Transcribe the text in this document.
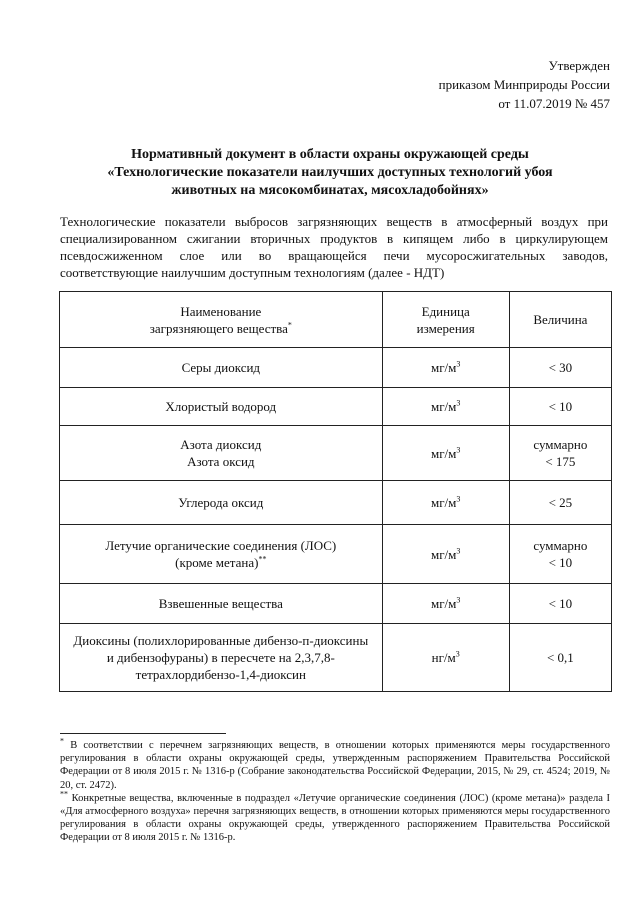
Утвержден
приказом Минприроды России
от 11.07.2019 № 457
Нормативный документ в области охраны окружающей среды
«Технологические показатели наилучших доступных технологий убоя
животных на мясокомбинатах, мясохладобойнях»
Технологические показатели выбросов загрязняющих веществ в атмосферный воздух при специализированном сжигании вторичных продуктов в кипящем либо в циркулирующем псевдосжиженном слое или во вращающейся печи мусоросжигательных заводов, соответствующие наилучшим доступным технологиям (далее - НДТ)
Наименование
загрязняющего вещества*	Единица
измерения	Величина
Серы диоксид	$мг/м^3$	< 30
Хлористый водород	$мг/м^3$	< 10
Азота диоксид
Азота оксид	$мг/м^3$	суммарно
< 175
Углерода оксид	$мг/м^3$	< 25
Летучие органические соединения (ЛОС)
(кроме метана)**	$мг/м^3$	суммарно
< 10
Взвешенные вещества	$мг/м^3$	< 10
Диоксины (полихлорированные дибензо-п-диоксины
и дибензофураны) в пересчете на 2,3,7,8-
тетрахлордибензо-1,4-диоксин	$нг/м^3$	< 0,1

* В соответствии с перечнем загрязняющих веществ, в отношении которых применяются меры государственного регулирования в области охраны окружающей среды, утвержденным распоряжением Правительства Российской Федерации от 8 июля 2015 г. № 1316-р (Собрание законодательства Российской Федерации, 2015, № 29, ст. 4524; 2019, № 20, ст. 2472).

** Конкретные вещества, включенные в подраздел «Летучие органические соединения (ЛОС) (кроме метана)» раздела I «Для атмосферного воздуха» перечня загрязняющих веществ, в отношении которых применяются меры государственного регулирования в области охраны окружающей среды, утвержденного распоряжением Правительства Российской Федерации от 8 июля 2015 г. № 1316-р.
